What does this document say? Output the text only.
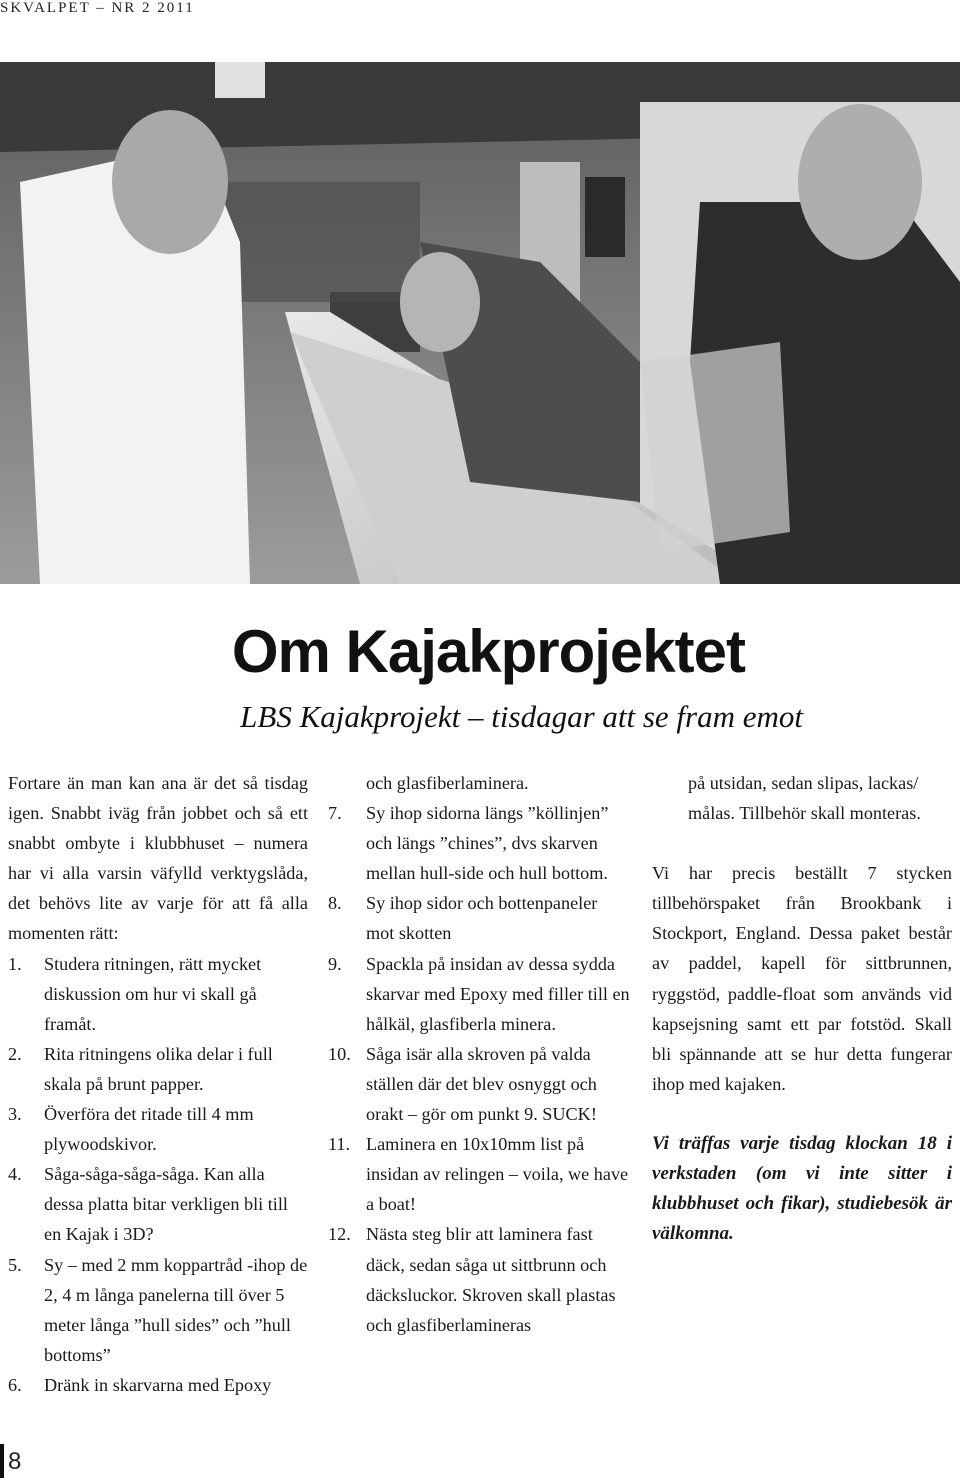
SKVALPET – NR 2 2011
Om Kajakprojektet
LBS Kajakprojekt – tisdagar att se fram emot

Fortare än man kan ana är det så tisdag igen. Snabbt iväg från jobbet och så ett snabbt ombyte i klubbhuset – numera har vi alla varsin väfylld verktygslåda, det behövs lite av varje för att få alla momenten rätt:

1.	Studera ritningen, rätt mycket diskussion om hur vi skall gå framåt.
2.	Rita ritningens olika delar i full skala på brunt papper.
3.	Överföra det ritade till 4 mm plywoodskivor.
4.	Såga-såga-såga-såga. Kan alla dessa platta bitar verkligen bli till en Kajak i 3D?
5.	Sy – med 2 mm koppartråd -ihop de 2, 4 m långa panelerna till över 5 meter långa ”hull sides” och ”hull bottoms”
6.	Dränk in skarvarna med Epoxy

och glasfiberlaminera.

7.	Sy ihop sidorna längs ”köllinjen” och längs ”chines”, dvs skarven mellan hull-side och hull bottom.
8.	Sy ihop sidor och bottenpaneler mot skotten
9.	Spackla på insidan av dessa sydda skarvar med Epoxy med filler till en hålkäl, glasfiberla minera.
10. Såga isär alla skroven på valda ställen där det blev osnyggt och orakt – gör om punkt 9. SUCK!
11. Laminera en 10x10mm list på insidan av relingen – voila, we have a boat!
12. Nästa steg blir att laminera fast däck, sedan såga ut sittbrunn och däcksluckor. Skroven skall plastas och glasfiberlamineras

på utsidan, sedan slipas, lackas/ målas. Tillbehör skall monteras.

Vi har precis beställt 7 stycken tillbehörspaket från Brookbank i Stockport, England. Dessa paket består av paddel, kapell för sittbrunnen, ryggstöd, paddle-float som används vid kapsejsning samt ett par fotstöd. Skall bli spännande att se hur detta fungerar ihop med kajaken.

Vi träffas varje tisdag klockan 18 i verkstaden (om vi inte sitter i klubbhuset och fikar), studiebesök är välkomna.

8
